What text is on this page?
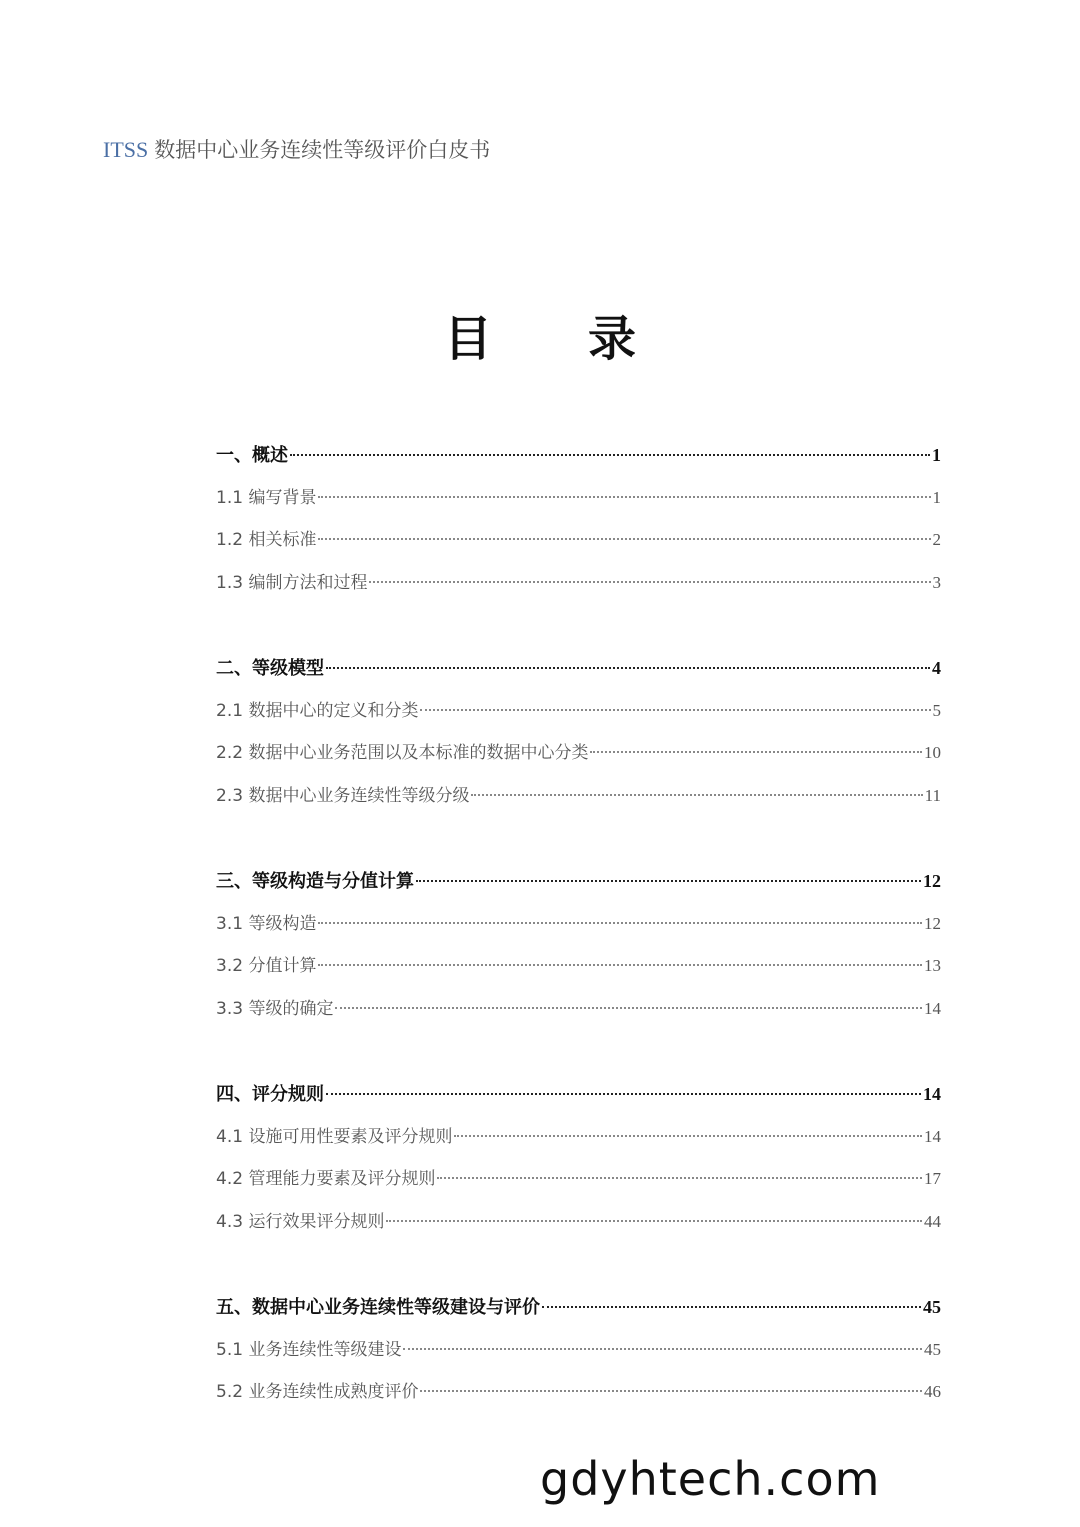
ITSS 数据中心业务连续性等级评价白皮书
目 录
一、概述	1
1.1 编写背景	1
1.2 相关标准	2
1.3 编制方法和过程	3
二、等级模型	4
2.1 数据中心的定义和分类	5
2.2 数据中心业务范围以及本标准的数据中心分类	10
2.3 数据中心业务连续性等级分级	11
三、等级构造与分值计算	12
3.1 等级构造	12
3.2 分值计算	13
3.3 等级的确定	14
四、评分规则	14
4.1 设施可用性要素及评分规则	14
4.2 管理能力要素及评分规则	17
4.3 运行效果评分规则	44
五、数据中心业务连续性等级建设与评价	45
5.1 业务连续性等级建设	45
5.2 业务连续性成熟度评价	46
gdyhtech.com
